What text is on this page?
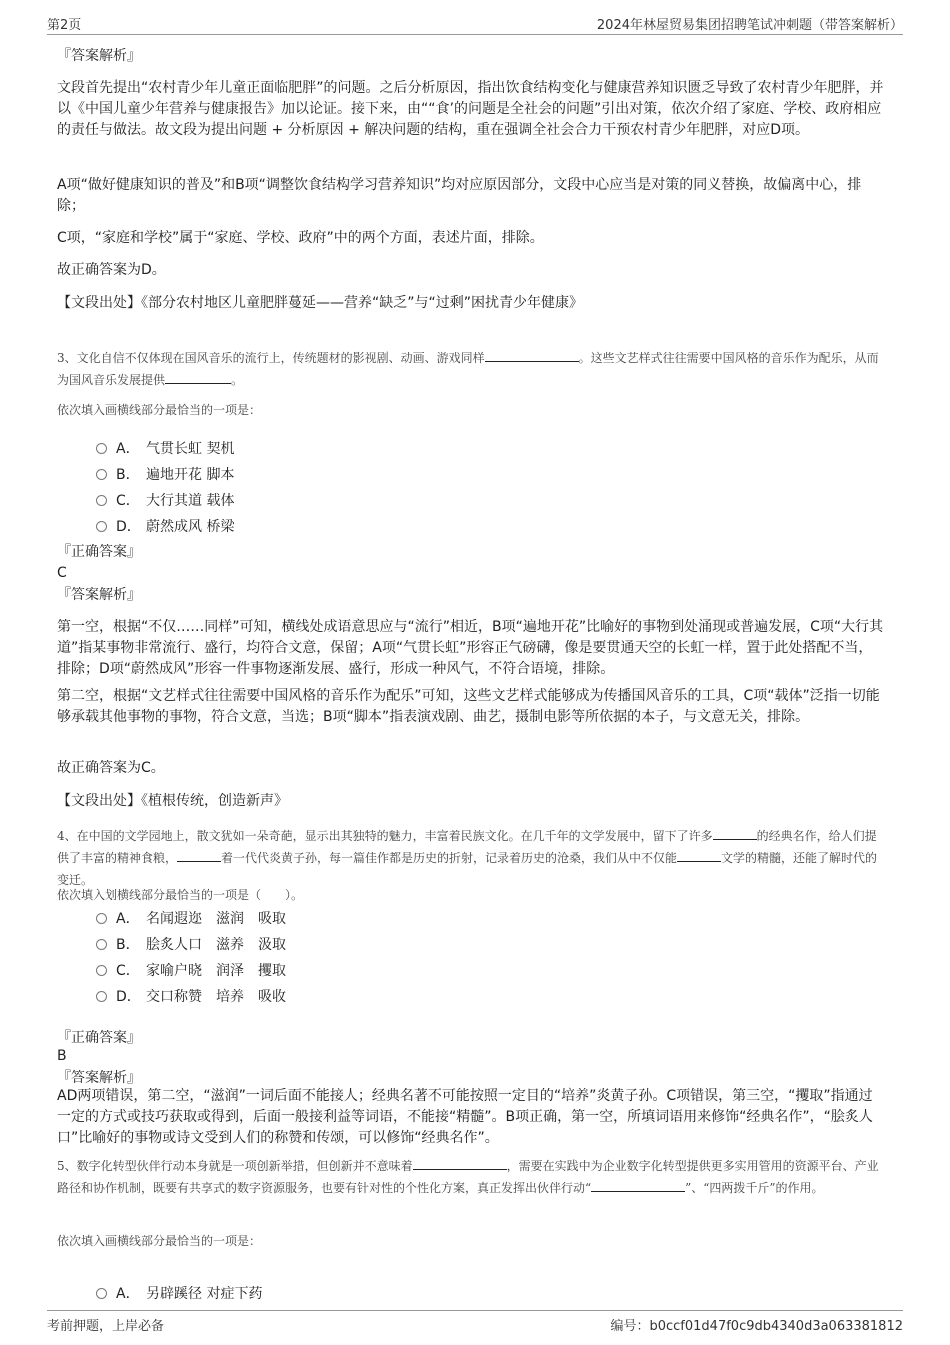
第2页	2024年林屋贸易集团招聘笔试冲刺题（带答案解析）

『答案解析』

文段首先提出“农村青少年儿童正面临肥胖”的问题。之后分析原因，指出饮食结构变化与健康营养知识匮乏导致了农村青少年肥胖，并以《中国儿童少年营养与健康报告》加以论证。接下来，由““食’的问题是全社会的问题”引出对策，依次介绍了家庭、学校、政府相应的责任与做法。故文段为提出问题 + 分析原因 + 解决问题的结构，重在强调全社会合力干预农村青少年肥胖，对应D项。

A项“做好健康知识的普及”和B项“调整饮食结构学习营养知识”均对应原因部分，文段中心应当是对策的同义替换，故偏离中心，排除；

C项，“家庭和学校”属于“家庭、学校、政府”中的两个方面，表述片面，排除。

故正确答案为D。

【文段出处】《部分农村地区儿童肥胖蔓延——营养“缺乏”与“过剩”困扰青少年健康》

3、文化自信不仅体现在国风音乐的流行上，传统题材的影视剧、动画、游戏同样	。这些文艺样式往往需要中国风格的音乐作为配乐，从而为国风音乐发展提供	。

依次填入画横线部分最恰当的一项是：

A． 气贯长虹 契机
B． 遍地开花 脚本
C． 大行其道 载体
D． 蔚然成风 桥梁

『正确答案』

C

『答案解析』

第一空，根据“不仅……同样”可知，横线处成语意思应与“流行”相近，B项“遍地开花”比喻好的事物到处涌现或普遍发展，C项“大行其道”指某事物非常流行、盛行，均符合文意，保留；A项“气贯长虹”形容正气磅礴，像是要贯通天空的长虹一样，置于此处搭配不当，排除；D项“蔚然成风”形容一件事物逐渐发展、盛行，形成一种风气，不符合语境，排除。

第二空，根据“文艺样式往往需要中国风格的音乐作为配乐”可知，这些文艺样式能够成为传播国风音乐的工具，C项“载体”泛指一切能够承载其他事物的事物，符合文意，当选；B项“脚本”指表演戏剧、曲艺，摄制电影等所依据的本子，与文意无关，排除。

故正确答案为C。

【文段出处】《植根传统，创造新声》

4、在中国的文学园地上，散文犹如一朵奇葩，显示出其独特的魅力，丰富着民族文化。在几千年的文学发展中，留下了许多	的经典名作，给人们提供了丰富的精神食粮，	着一代代炎黄子孙，每一篇佳作都是历史的折射，记录着历史的沧桑，我们从中不仅能	文学的精髓，还能了解时代的变迁。

依次填入划横线部分最恰当的一项是（　　）。

A． 名闻遐迩　滋润　吸取
B． 脍炙人口　滋养　汲取
C． 家喻户晓　润泽　攫取
D． 交口称赞　培养　吸收

『正确答案』

B

『答案解析』

AD两项错误，第二空，“滋润”一词后面不能接人；经典名著不可能按照一定目的“培养”炎黄子孙。C项错误，第三空，“攫取”指通过一定的方式或技巧获取或得到，后面一般接利益等词语，不能接“精髓”。B项正确，第一空，所填词语用来修饰“经典名作”，“脍炙人口”比喻好的事物或诗文受到人们的称赞和传颂，可以修饰“经典名作”。

5、数字化转型伙伴行动本身就是一项创新举措，但创新并不意味着	，需要在实践中为企业数字化转型提供更多实用管用的资源平台、产业路径和协作机制，既要有共享式的数字资源服务，也要有针对性的个性化方案，真正发挥出伙伴行动“	”、“四两拨千斤”的作用。

依次填入画横线部分最恰当的一项是：

A． 另辟蹊径 对症下药
考前押题，上岸必备	编号：b0ccf01d47f0c9db4340d3a063381812
